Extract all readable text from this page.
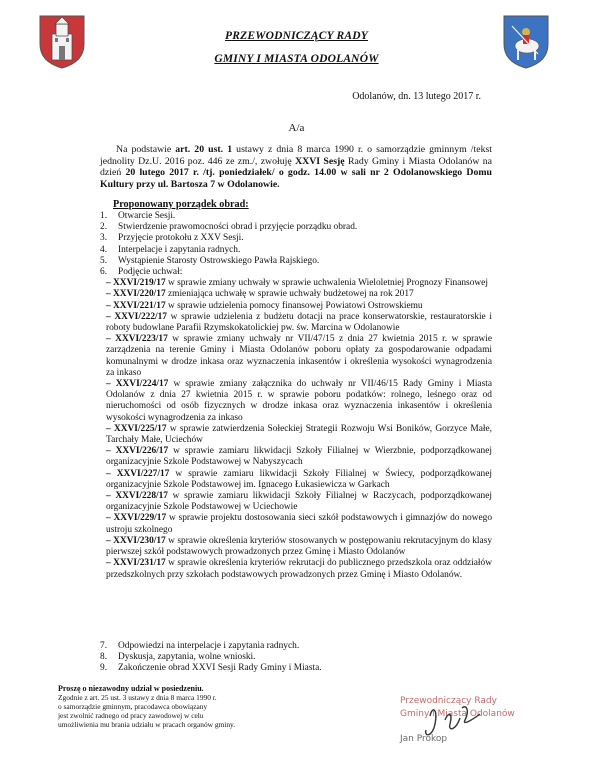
PRZEWODNICZĄCY RADY
GMINY I MIASTA ODOLANÓW
Odolanów, dn. 13 lutego 2017 r.
A/a
Na podstawie art. 20 ust. 1 ustawy z dnia 8 marca 1990 r. o samorządzie gminnym /tekst jednolity Dz.U. 2016 poz. 446 ze zm./, zwołuję XXVI Sesję Rady Gminy i Miasta Odolanów na dzień 20 lutego 2017 r. /tj. poniedziałek/ o godz. 14.00 w sali nr 2 Odolanowskiego Domu Kultury przy ul. Bartosza 7 w Odolanowie.
Proponowany porządek obrad:
1.	Otwarcie Sesji.
2.	Stwierdzenie prawomocności obrad i przyjęcie porządku obrad.
3.	Przyjęcie protokołu z XXV Sesji.
4.	Interpelacje i zapytania radnych.
5.	Wystąpienie Starosty Ostrowskiego Pawła Rajskiego.
6.	Podjęcie uchwał:
– XXVI/219/17 w sprawie zmiany uchwały w sprawie uchwalenia Wieloletniej Prognozy Finansowej
– XXVI/220/17 zmieniająca uchwałę w sprawie uchwały budżetowej na rok 2017
– XXVI/221/17 w sprawie udzielenia pomocy finansowej Powiatowi Ostrowskiemu
– XXVI/222/17 w sprawie udzielenia z budżetu dotacji na prace konserwatorskie, restauratorskie i roboty budowlane Parafii Rzymskokatolickiej pw. św. Marcina w Odolanowie
– XXVI/223/17 w sprawie zmiany uchwały nr VII/47/15 z dnia 27 kwietnia 2015 r. w sprawie zarządzenia na terenie Gminy i Miasta Odolanów poboru opłaty za gospodarowanie odpadami komunalnymi w drodze inkasa oraz wyznaczenia inkasentów i określenia wysokości wynagrodzenia za inkaso
– XXVI/224/17 w sprawie zmiany załącznika do uchwały nr VII/46/15 Rady Gminy i Miasta Odolanów z dnia 27 kwietnia 2015 r. w sprawie poboru podatków: rolnego, leśnego oraz od nieruchomości od osób fizycznych w drodze inkasa oraz wyznaczenia inkasentów i określenia wysokości wynagrodzenia za inkaso
– XXVI/225/17 w sprawie zatwierdzenia Sołeckiej Strategii Rozwoju Wsi Boników, Gorzyce Małe, Tarchały Małe, Uciechów
– XXVI/226/17 w sprawie zamiaru likwidacji Szkoły Filialnej w Wierzbnie, podporządkowanej organizacyjnie Szkole Podstawowej w Nabyszycach
– XXVI/227/17 w sprawie zamiaru likwidacji Szkoły Filialnej w Świecy, podporządkowanej organizacyjnie Szkole Podstawowej im. Ignacego Łukasiewicza w Garkach
– XXVI/228/17 w sprawie zamiaru likwidacji Szkoły Filialnej w Raczycach, podporządkowanej organizacyjnie Szkole Podstawowej w Uciechowie
– XXVI/229/17 w sprawie projektu dostosowania sieci szkół podstawowych i gimnazjów do nowego ustroju szkolnego
– XXVI/230/17 w sprawie określenia kryteriów stosowanych w postępowaniu rekrutacyjnym do klasy pierwszej szkół podstawowych prowadzonych przez Gminę i Miasto Odolanów
– XXVI/231/17 w sprawie określenia kryteriów rekrutacji do publicznego przedszkola oraz oddziałów przedszkolnych przy szkołach podstawowych prowadzonych przez Gminę i Miasto Odolanów.
7.	Odpowiedzi na interpelacje i zapytania radnych.
8.	Dyskusja, zapytania, wolne wnioski.
9.	Zakończenie obrad XXVI Sesji Rady Gminy i Miasta.
Proszę o niezawodny udział w posiedzeniu.
Zgodnie z art. 25 ust. 3 ustawy z dnia 8 marca 1990 r.
o samorządzie gminnym, pracodawca obowiązany
jest zwolnić radnego od pracy zawodowej w celu
umożliwienia mu brania udziału w pracach organów gminy.
Przewodniczący Rady
Gminy i Miasta Odolanów
Jan Prokop
